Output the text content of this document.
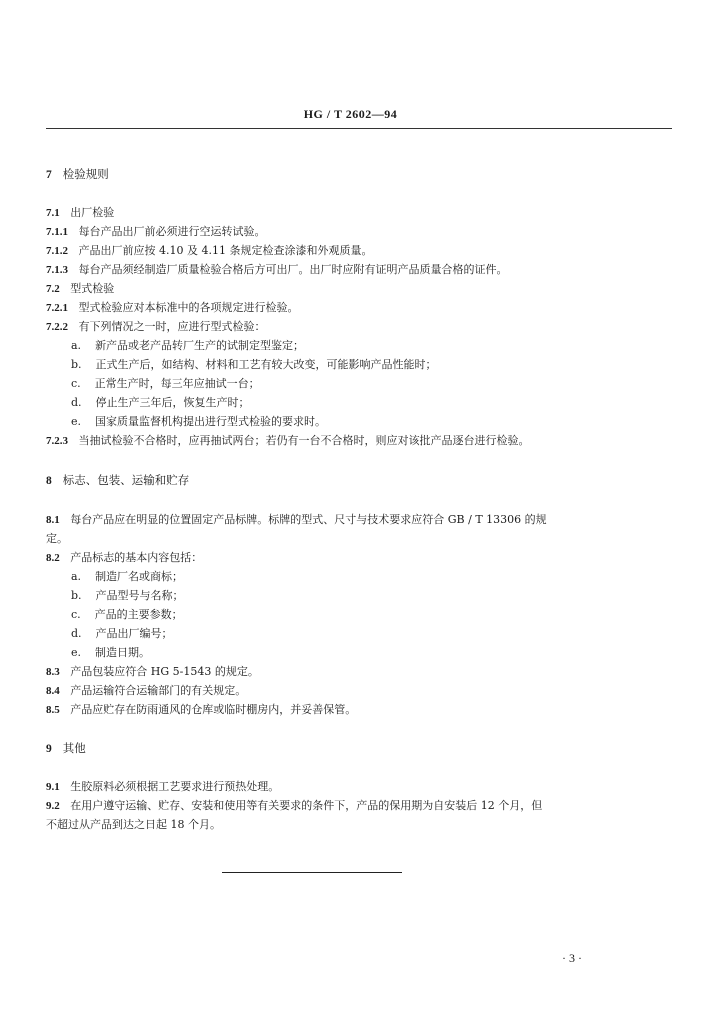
HG / T 2602—94
7 检验规则
7.1 出厂检验
7.1.1 每台产品出厂前必须进行空运转试验。
7.1.2 产品出厂前应按 4.10 及 4.11 条规定检查涂漆和外观质量。
7.1.3 每台产品须经制造厂质量检验合格后方可出厂。出厂时应附有证明产品质量合格的证件。
7.2 型式检验
7.2.1 型式检验应对本标准中的各项规定进行检验。
7.2.2 有下列情况之一时，应进行型式检验：
a. 新产品或老产品转厂生产的试制定型鉴定；
b. 正式生产后，如结构、材料和工艺有较大改变，可能影响产品性能时；
c. 正常生产时，每三年应抽试一台；
d. 停止生产三年后，恢复生产时；
e. 国家质量监督机构提出进行型式检验的要求时。
7.2.3 当抽试检验不合格时，应再抽试两台；若仍有一台不合格时，则应对该批产品逐台进行检验。
8 标志、包装、运输和贮存
8.1 每台产品应在明显的位置固定产品标牌。标牌的型式、尺寸与技术要求应符合 GB / T 13306 的规
定。
8.2 产品标志的基本内容包括：
a. 制造厂名或商标；
b. 产品型号与名称；
c. 产品的主要参数；
d. 产品出厂编号；
e. 制造日期。
8.3 产品包装应符合 HG 5-1543 的规定。
8.4 产品运输符合运输部门的有关规定。
8.5 产品应贮存在防雨通风的仓库或临时棚房内，并妥善保管。
9 其他
9.1 生胶原料必须根据工艺要求进行预热处理。
9.2 在用户遵守运输、贮存、安装和使用等有关要求的条件下，产品的保用期为自安装后 12 个月，但
不超过从产品到达之日起 18 个月。
· 3 ·
